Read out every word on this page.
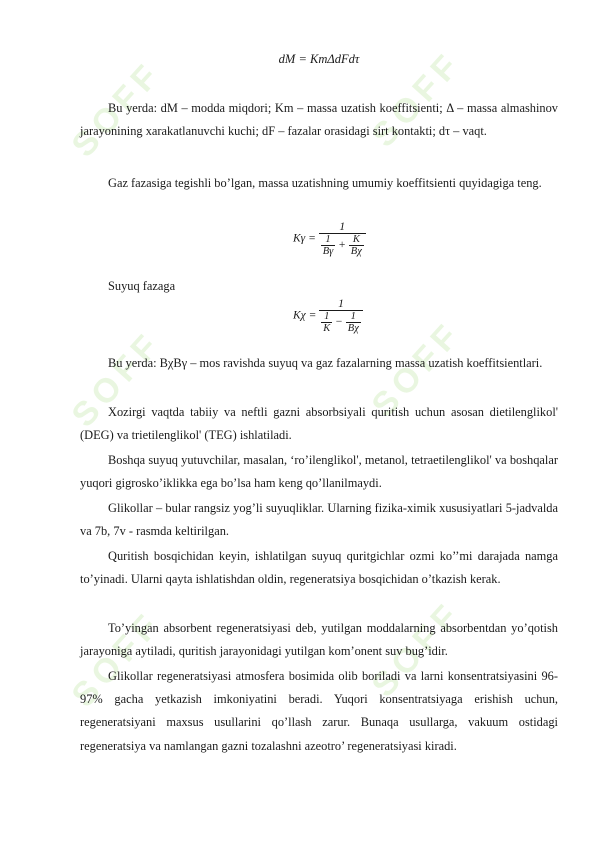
SOFF	SOFF
SOFF	SOFF
SOFF	SOFF
dM = KmΔdFdτ

Bu yerda: dM – modda miqdori; Km – massa uzatish koeffitsienti; Δ – massa almashinov jarayonining xarakatlanuvchi kuchi; dF – fazalar orasidagi sirt kontakti; dτ – vaqt.

Gaz fazasiga tegishli bo’lgan, massa uzatishning umumiy koeffitsienti quyidagiga teng.

$K\gamma = \frac{1}{\frac{1}{B\gamma} + \frac{K}{B\chi}}$

Suyuq fazaga

$K\chi = \frac{1}{\frac{1}{K} - \frac{1}{B\chi}}$

Bu yerda: BχBγ – mos ravishda suyuq va gaz fazalarning massa uzatish koeffitsientlari.

Xozirgi vaqtda tabiiy va neftli gazni absorbsiyali quritish uchun asosan dietilenglikol' (DEG) va trietilenglikol' (TEG) ishlatiladi.

Boshqa suyuq yutuvchilar, masalan, ‘ro’ilenglikol', metanol, tetraetilenglikol' va boshqalar yuqori gigrosko’iklikka ega bo’lsa ham keng qo’llanilmaydi.

Glikollar – bular rangsiz yog’li suyuqliklar. Ularning fizika-ximik xususiyatlari 5-jadvalda va 7b, 7v - rasmda keltirilgan.

Quritish bosqichidan keyin, ishlatilgan suyuq quritgichlar ozmi ko’’mi darajada namga to’yinadi. Ularni qayta ishlatishdan oldin, regeneratsiya bosqichidan o’tkazish kerak.

To’yingan absorbent regeneratsiyasi deb, yutilgan moddalarning absorbentdan yo’qotish jarayoniga aytiladi, quritish jarayonidagi yutilgan kom’onent suv bug’idir.

Glikollar regeneratsiyasi atmosfera bosimida olib boriladi va larni konsentratsiyasini 96-97% gacha yetkazish imkoniyatini beradi. Yuqori konsentratsiyaga erishish uchun, regeneratsiyani maxsus usullarini qo’llash zarur. Bunaqa usullarga, vakuum ostidagi regeneratsiya va namlangan gazni tozalashni azeotro’ regeneratsiyasi kiradi.
